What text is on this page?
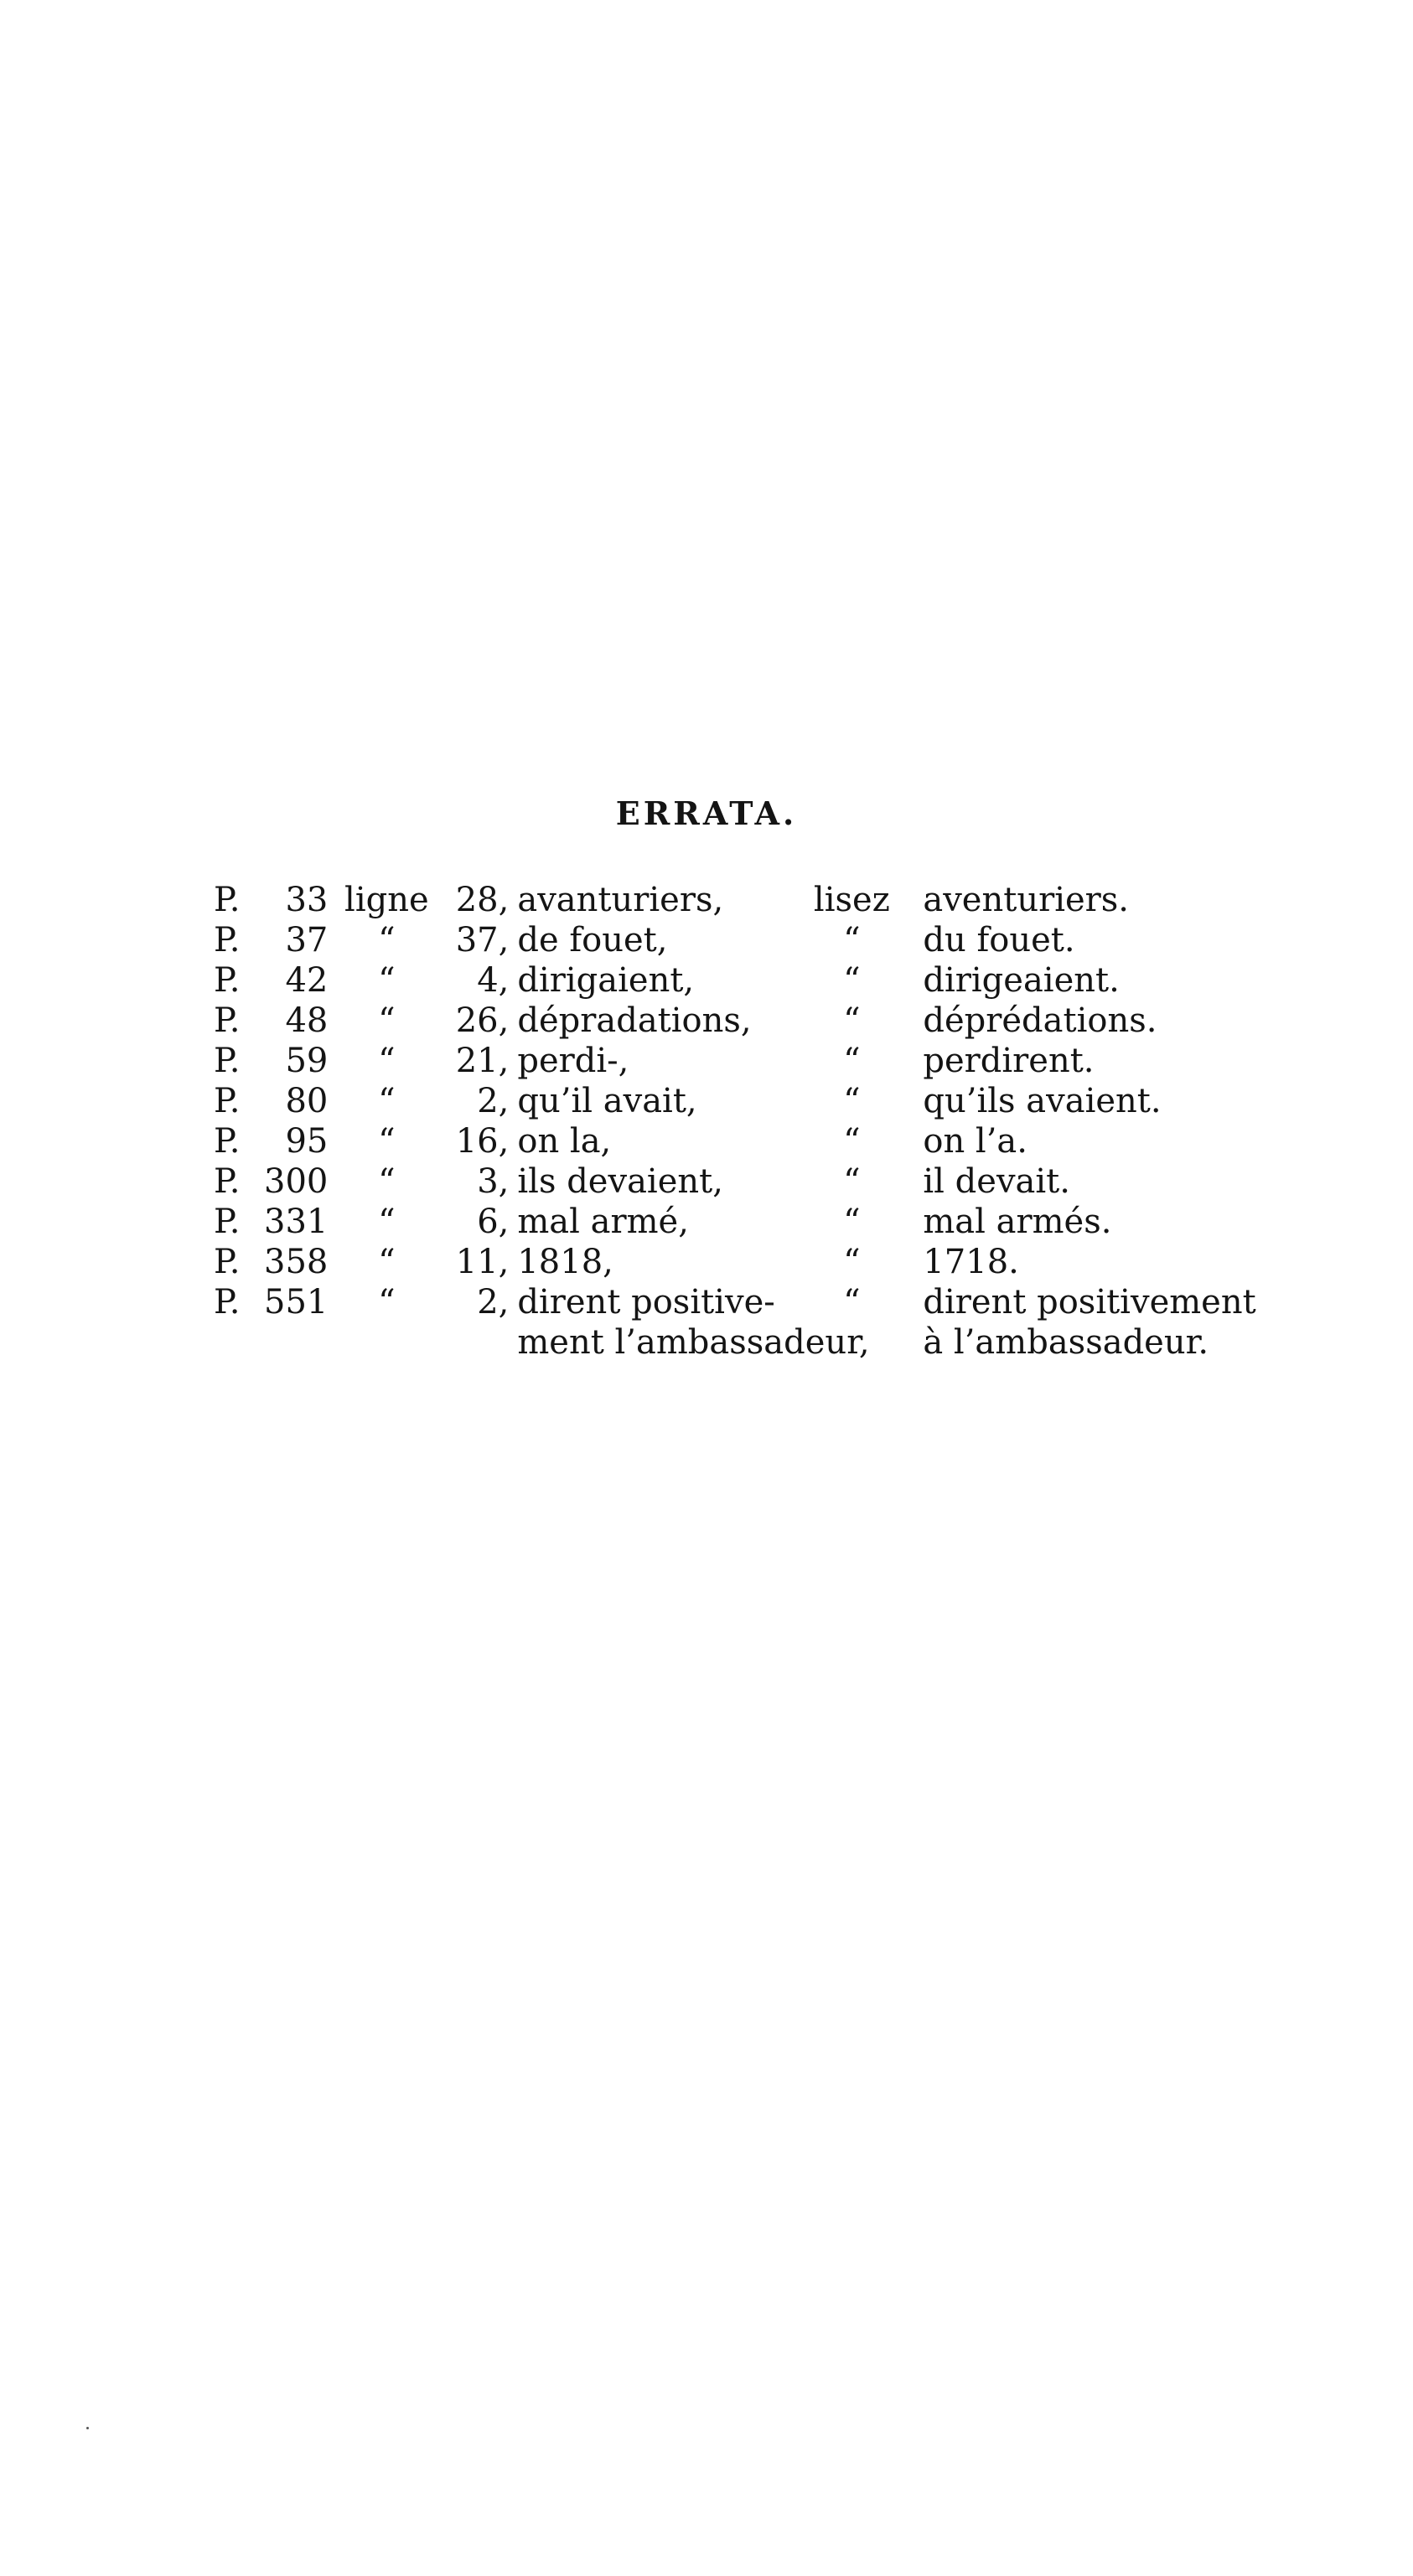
ERRATA.
P.	33	ligne	28,	avanturiers,	lisez	aventuriers.
P.	37	“	37,	de fouet,	“	du fouet.
P.	42	“	4,	dirigaient,	“	dirigeaient.
P.	48	“	26,	dépradations,	“	déprédations.
P.	59	“	21,	perdi-,	“	perdirent.
P.	80	“	2,	qu’il avait,	“	qu’ils avaient.
P.	95	“	16,	on la,	“	on l’a.
P.	300	“	3,	ils devaient,	“	il devait.
P.	331	“	6,	mal armé,	“	mal armés.
P.	358	“	11,	1818,	“	1718.
P.	551	“	2,	dirent positive-	“	dirent positivement
				ment l’ambassadeur,		à l’ambassadeur.
